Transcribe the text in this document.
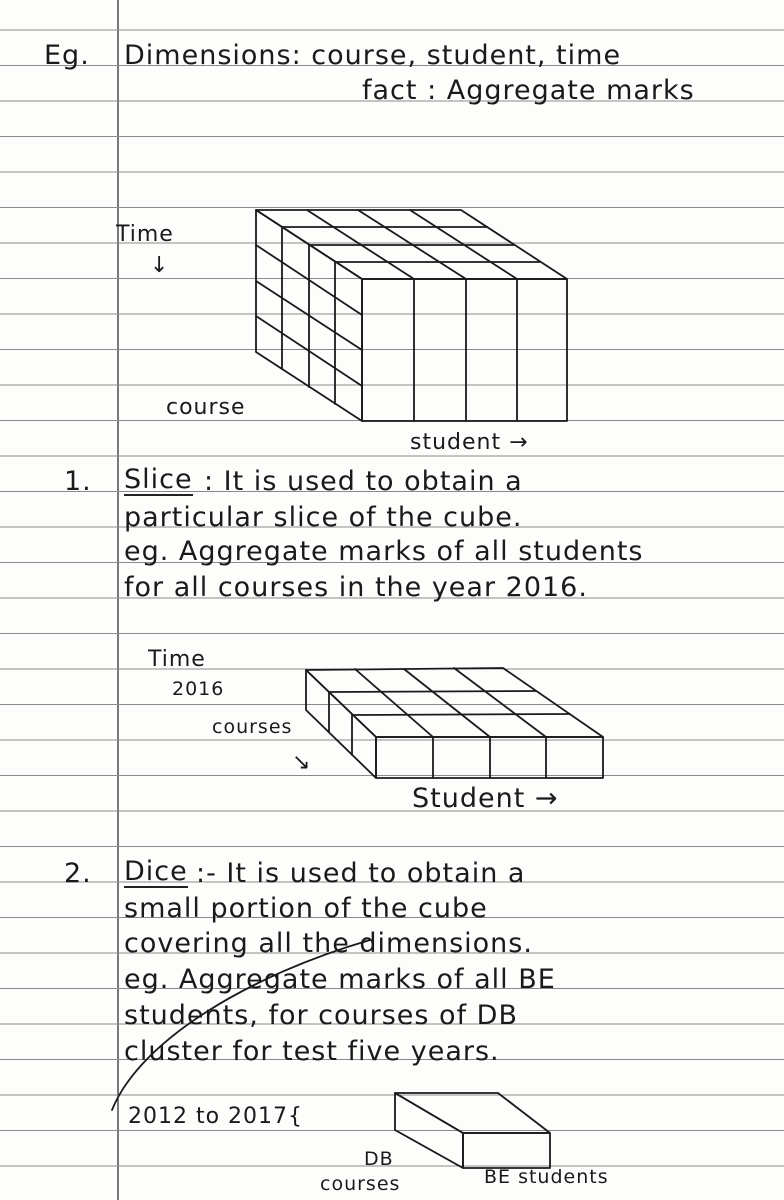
Eg. Dimensions: course, student, time
fact : Aggregate marks
Time
↓
course
student →
1. Slice : It is used to obtain a
particular slice of the cube.
eg. Aggregate marks of all students
for all courses in the year 2016.
Time
2016
courses
↘
Student →
2. Dice :- It is used to obtain a
small portion of the cube
covering all the dimensions.
eg. Aggregate marks of all BE
students, for courses of DB
cluster for test five years.
2012 to 2017{
DB
courses	BE students
